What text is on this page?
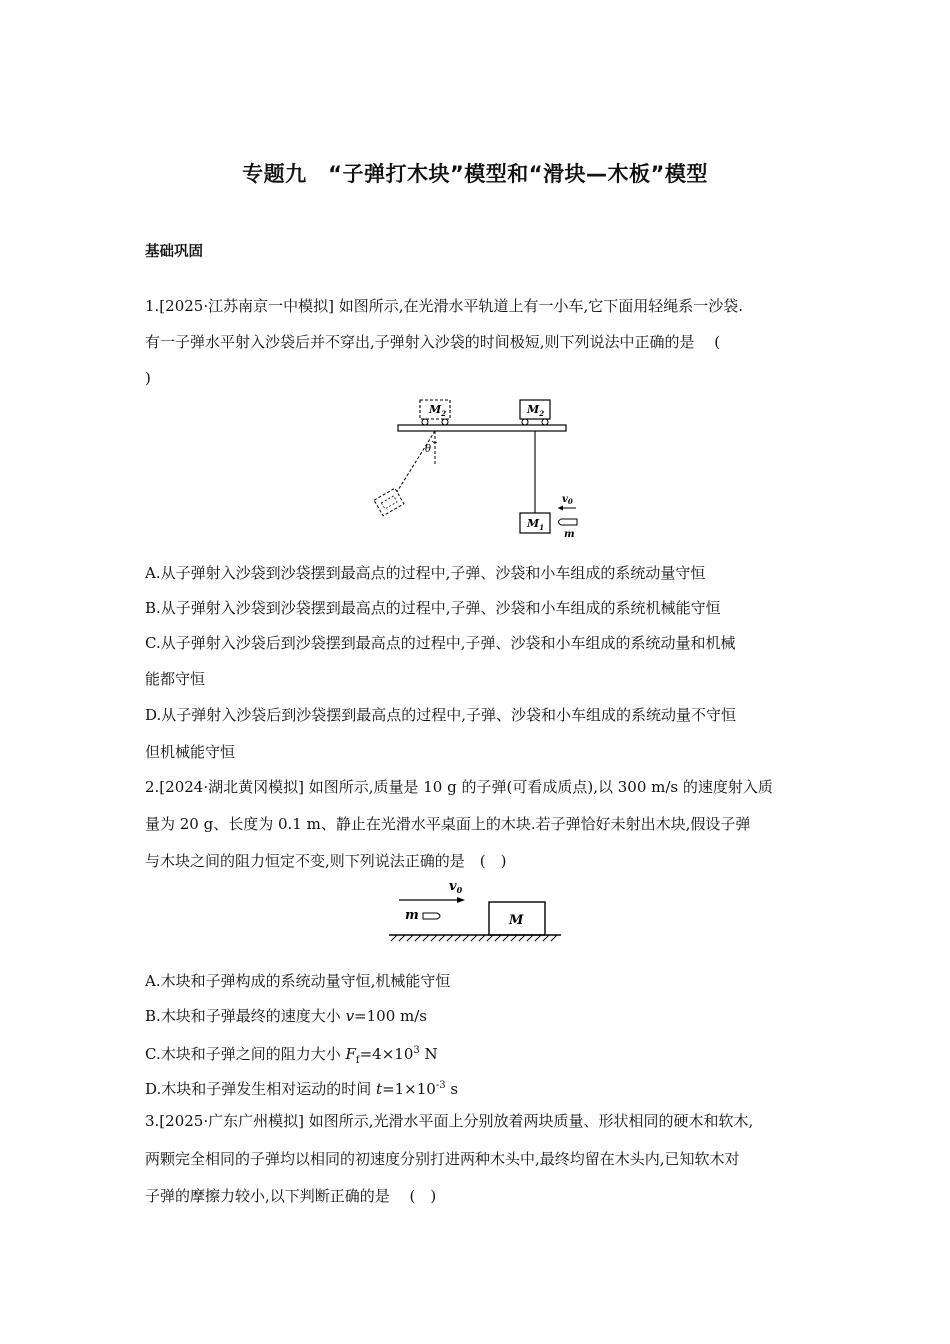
专题九　“子弹打木块”模型和“滑块—木板”模型
基础巩固
1.[2025·江苏南京一中模拟] 如图所示,在光滑水平轨道上有一小车,它下面用轻绳系一沙袋.
有一子弹水平射入沙袋后并不穿出,子弹射入沙袋的时间极短,则下列说法中正确的是　 (
)
$M_2$	$M_2$
θ
$M_1$
$v_0$
m
A.从子弹射入沙袋到沙袋摆到最高点的过程中,子弹、沙袋和小车组成的系统动量守恒
B.从子弹射入沙袋到沙袋摆到最高点的过程中,子弹、沙袋和小车组成的系统机械能守恒
C.从子弹射入沙袋后到沙袋摆到最高点的过程中,子弹、沙袋和小车组成的系统动量和机械
能都守恒
D.从子弹射入沙袋后到沙袋摆到最高点的过程中,子弹、沙袋和小车组成的系统动量不守恒
但机械能守恒
2.[2024·湖北黄冈模拟] 如图所示,质量是 10 g 的子弹(可看成质点),以 300 m/s 的速度射入质
量为 20 g、长度为 0.1 m、静止在光滑水平桌面上的木块.若子弹恰好未射出木块,假设子弹
与木块之间的阻力恒定不变,则下列说法正确的是　(　)
$v_0$
m	M
A.木块和子弹构成的系统动量守恒,机械能守恒
B.木块和子弹最终的速度大小 v=100 m/s
C.木块和子弹之间的阻力大小 $F_f=4\times 10^3$ N
D.木块和子弹发生相对运动的时间 $t=1\times 10^{-3}$ s
3.[2025·广东广州模拟] 如图所示,光滑水平面上分别放着两块质量、形状相同的硬木和软木,
两颗完全相同的子弹均以相同的初速度分别打进两种木头中,最终均留在木头内,已知软木对
子弹的摩擦力较小,以下判断正确的是　 (　)
